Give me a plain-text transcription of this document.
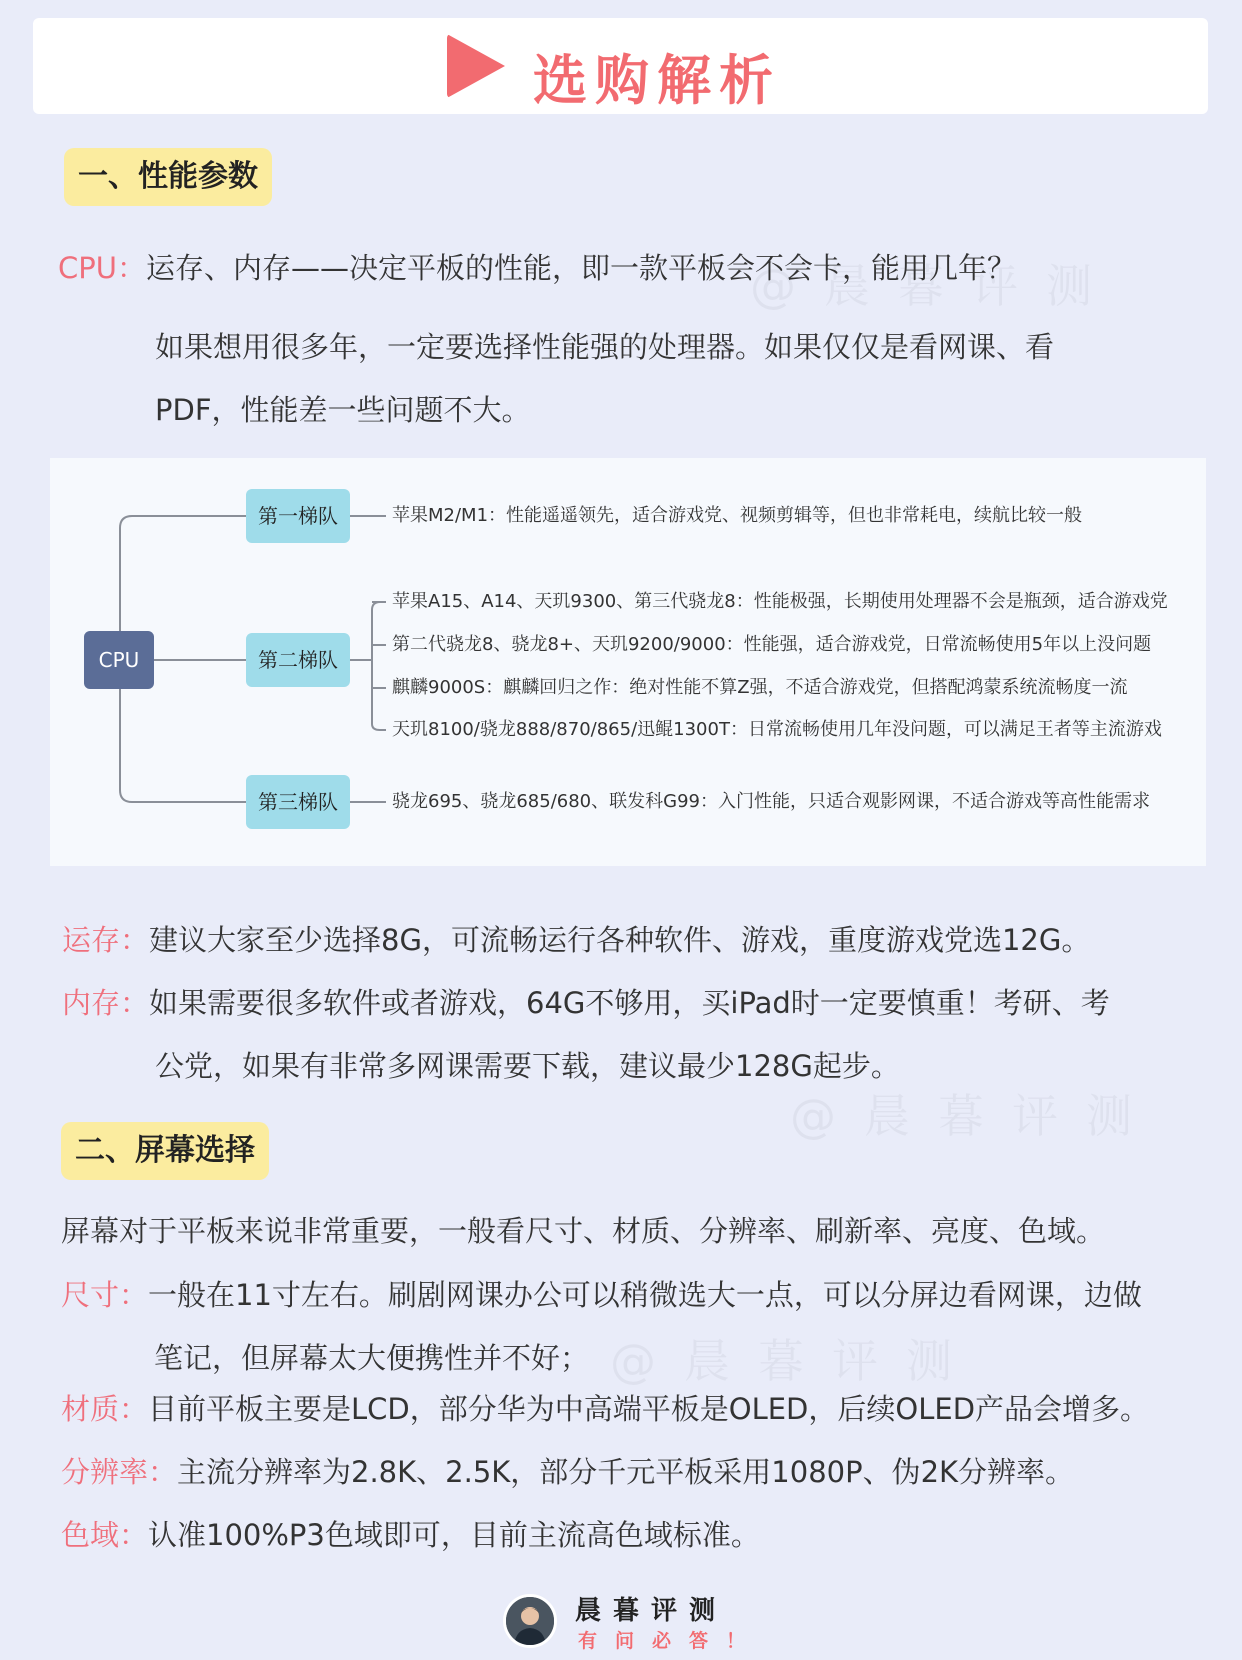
选购解析
一、性能参数
CPU：运存、内存——决定平板的性能，即一款平板会不会卡，能用几年？
如果想用很多年，一定要选择性能强的处理器。如果仅仅是看网课、看
PDF，性能差一些问题不大。
CPU
第一梯队
第二梯队
第三梯队
苹果M2/M1：性能遥遥领先，适合游戏党、视频剪辑等，但也非常耗电，续航比较一般
苹果A15、A14、天玑9300、第三代骁龙8：性能极强，长期使用处理器不会是瓶颈，适合游戏党
第二代骁龙8、骁龙8+、天玑9200/9000：性能强，适合游戏党，日常流畅使用5年以上没问题
麒麟9000S：麒麟回归之作：绝对性能不算Z强，不适合游戏党，但搭配鸿蒙系统流畅度一流
天玑8100/骁龙888/870/865/迅鲲1300T：日常流畅使用几年没问题，可以满足王者等主流游戏
骁龙695、骁龙685/680、联发科G99：入门性能，只适合观影网课，不适合游戏等高性能需求
运存：建议大家至少选择8G，可流畅运行各种软件、游戏，重度游戏党选12G。
内存：如果需要很多软件或者游戏，64G不够用，买iPad时一定要慎重！考研、考
公党，如果有非常多网课需要下载，建议最少128G起步。
二、屏幕选择
屏幕对于平板来说非常重要，一般看尺寸、材质、分辨率、刷新率、亮度、色域。
尺寸：一般在11寸左右。刷剧网课办公可以稍微选大一点，可以分屏边看网课，边做
笔记，但屏幕太大便携性并不好；
材质：目前平板主要是LCD，部分华为中高端平板是OLED，后续OLED产品会增多。
分辨率：主流分辨率为2.8K、2.5K，部分千元平板采用1080P、伪2K分辨率。
色域：认准100%P3色域即可，目前主流高色域标准。
晨暮评测
有问必答！
